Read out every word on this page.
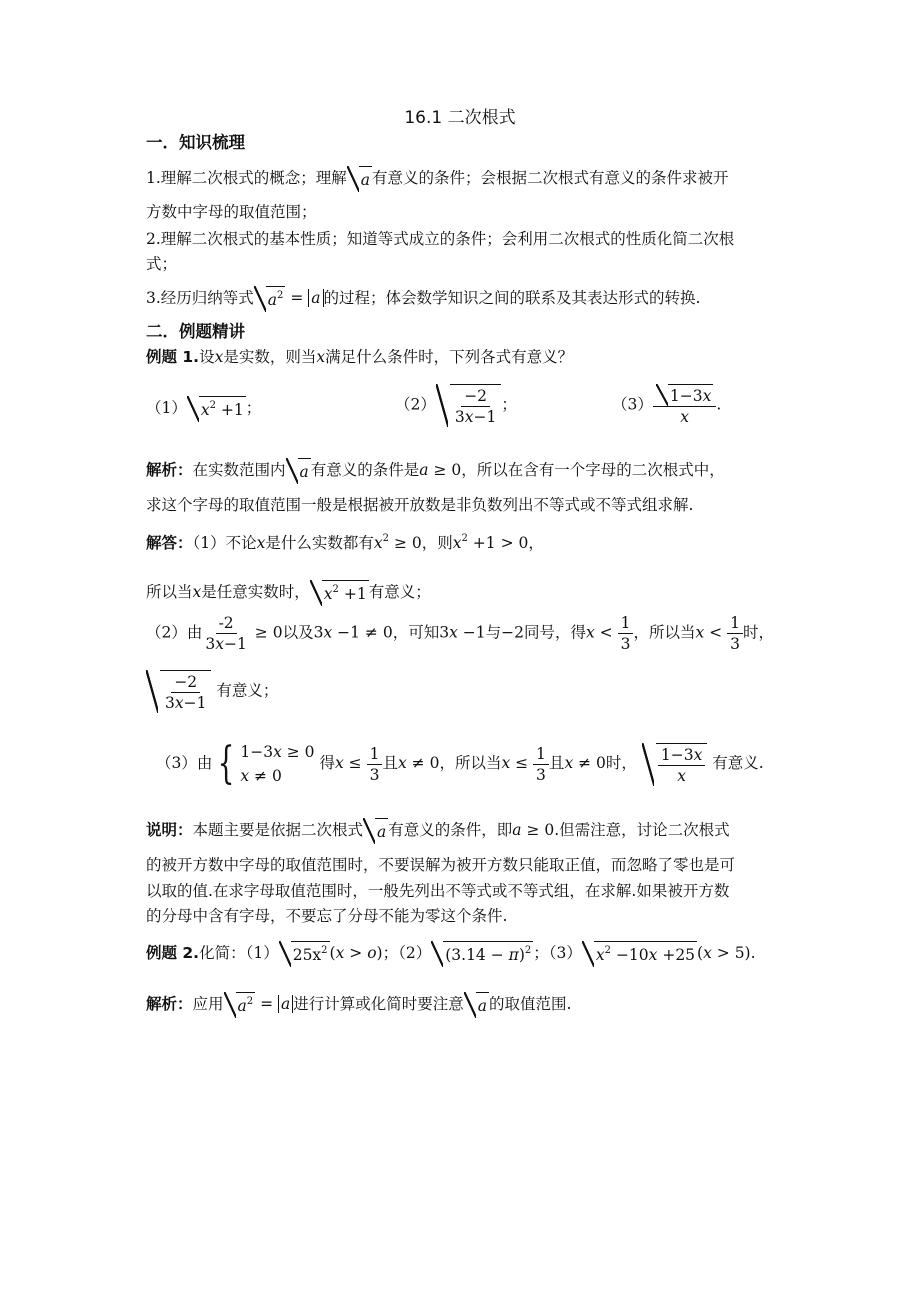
16.1 二次根式
一．知识梳理
1.理解二次根式的概念；理解 a 有意义的条件；会根据二次根式有意义的条件求被开
方数中字母的取值范围；
2.理解二次根式的基本性质；知道等式成立的条件；会利用二次根式的性质化简二次根
式；
3.经历归纳等式 $a^2 = a$ 的过程；体会数学知识之间的联系及其表达形式的转换.
二．例题精讲
例题 1.设x是实数，则当x满足什么条件时，下列各式有意义？
（1） $x^2 +1$ ；	$(2) \frac{-2}{3x-1}$ ；	$(3) \frac{1-3x}{x}$ .
解析：在实数范围内 a 有意义的条件是a ≥ 0，所以在含有一个字母的二次根式中，
求这个字母的取值范围一般是根据被开放数是非负数列出不等式或不等式组求解.
解答：（1）不论x是什么实数都有$x^2 \ge 0$，则$x^2 +1 > 0$，
所以当x是任意实数时， $x^2 +1$ 有意义；
（2）由 $\frac{-2}{3x-1} \ge 0$以及3x −1 ≠ 0，可知3x −1与−2同号，得$x < \frac{1}{3}$ ，所以当$x < \frac{1}{3}$ 时，
$\frac{-2}{3x-1}$ 有意义；
（3）由 { 1−3x ≥ 0
x ≠ 0
得$x \le \frac{1}{3}$ 且x ≠ 0，所以当$x \le \frac{1}{3}$ 且x ≠ 0时， $\frac{1-3x}{x}$ 有意义.
说明：本题主要是依据二次根式 a 有意义的条件，即a ≥ 0.但需注意，讨论二次根式
的被开方数中字母的取值范围时，不要误解为被开方数只能取正值，而忽略了零也是可
以取的值.在求字母取值范围时，一般先列出不等式或不等式组，在求解.如果被开方数
的分母中含有字母，不要忘了分母不能为零这个条件.
例题 2.化简：（1） $25x^2$ (x > o)；（2） $(3.14 - \pi)^2$ ；（3） $x^2 -10x +25$ (x > 5).
解析：应用 $a^2 = a$ 进行计算或化简时要注意 a 的取值范围.
